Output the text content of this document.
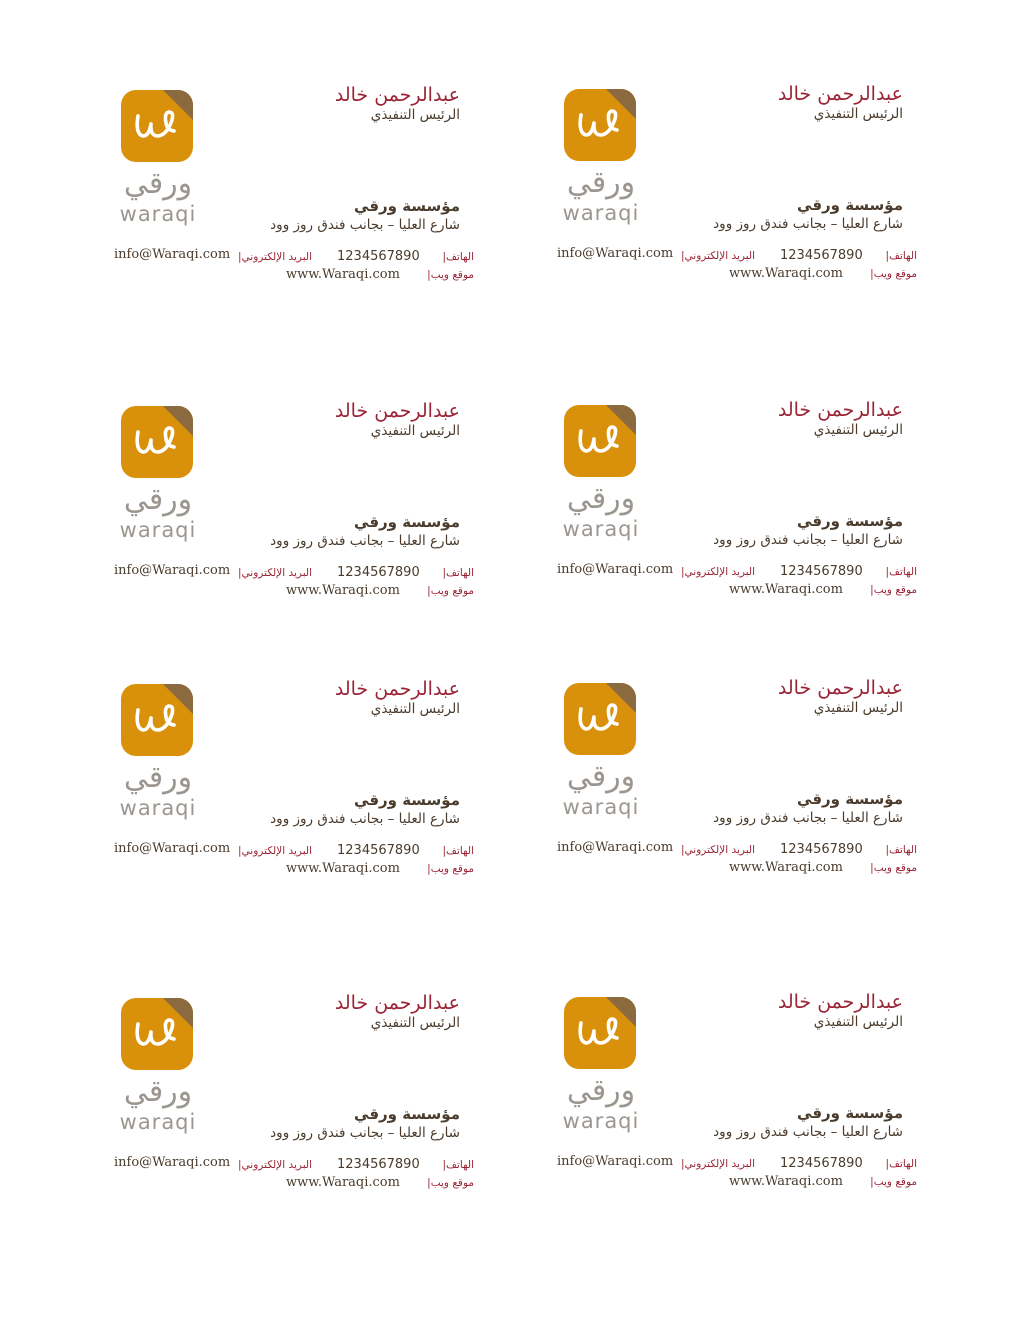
ورقي
waraqi
عبدالرحمن خالد
الرئيس التنفيذي
مؤسسة ورقي
شارع العليا – بجانب فندق روز وود
info@Waraqi.com البريد الإلكتروني| 1234567890 الهاتف|
www.Waraqi.com	موقع ويب|
ورقي
waraqi
عبدالرحمن خالد
الرئيس التنفيذي
مؤسسة ورقي
شارع العليا – بجانب فندق روز وود
info@Waraqi.com البريد الإلكتروني| 1234567890 الهاتف|
www.Waraqi.com	موقع ويب|
ورقي
waraqi
عبدالرحمن خالد
الرئيس التنفيذي
مؤسسة ورقي
شارع العليا – بجانب فندق روز وود
info@Waraqi.com البريد الإلكتروني| 1234567890 الهاتف|
www.Waraqi.com	موقع ويب|
ورقي
waraqi
عبدالرحمن خالد
الرئيس التنفيذي
مؤسسة ورقي
شارع العليا – بجانب فندق روز وود
info@Waraqi.com البريد الإلكتروني| 1234567890 الهاتف|
www.Waraqi.com	موقع ويب|
ورقي
waraqi
عبدالرحمن خالد
الرئيس التنفيذي
مؤسسة ورقي
شارع العليا – بجانب فندق روز وود
info@Waraqi.com البريد الإلكتروني| 1234567890 الهاتف|
www.Waraqi.com	موقع ويب|
ورقي
waraqi
عبدالرحمن خالد
الرئيس التنفيذي
مؤسسة ورقي
شارع العليا – بجانب فندق روز وود
info@Waraqi.com البريد الإلكتروني| 1234567890 الهاتف|
www.Waraqi.com	موقع ويب|
ورقي
waraqi
عبدالرحمن خالد
الرئيس التنفيذي
مؤسسة ورقي
شارع العليا – بجانب فندق روز وود
info@Waraqi.com البريد الإلكتروني| 1234567890 الهاتف|
www.Waraqi.com	موقع ويب|
ورقي
waraqi
عبدالرحمن خالد
الرئيس التنفيذي
مؤسسة ورقي
شارع العليا – بجانب فندق روز وود
info@Waraqi.com البريد الإلكتروني| 1234567890 الهاتف|
www.Waraqi.com	موقع ويب|
